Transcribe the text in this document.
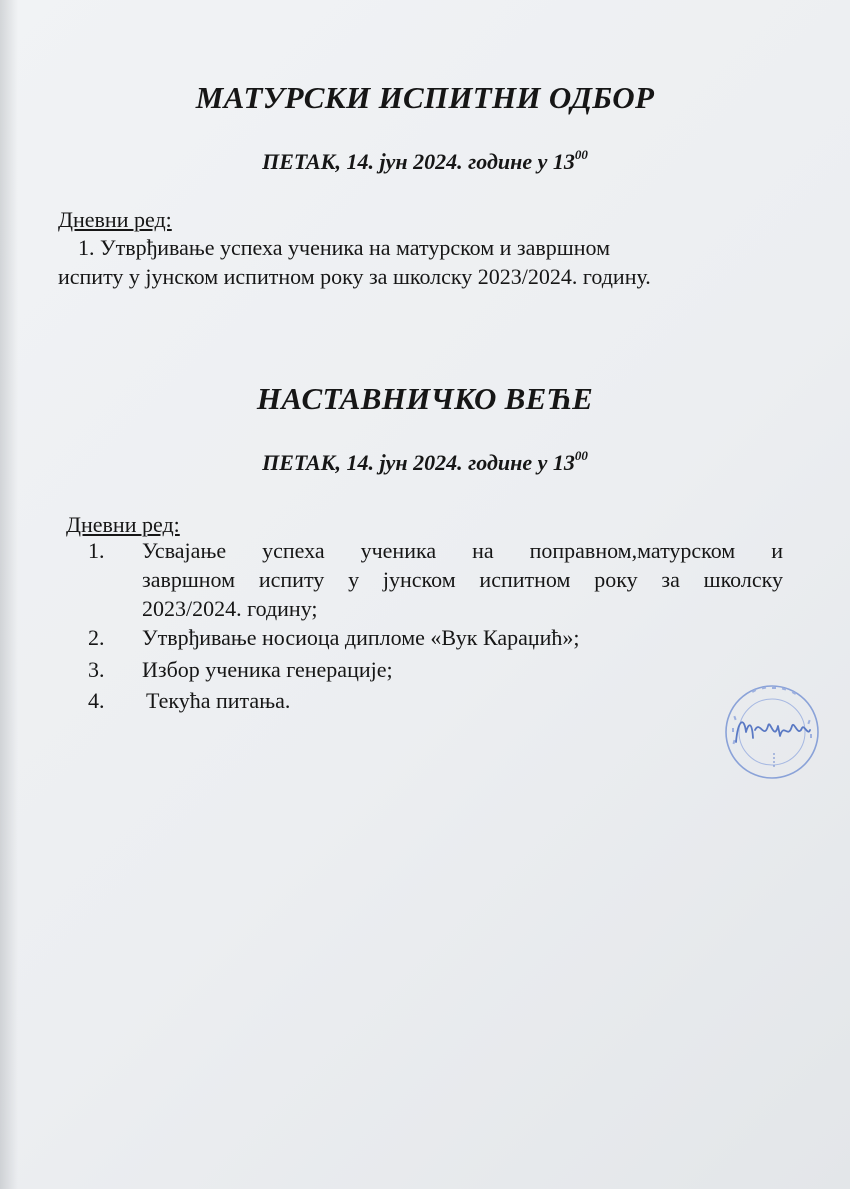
МАТУРСКИ ИСПИТНИ ОДБОР
ПЕТАК, 14. јун 2024. године у $13^{00}$
Дневни ред:
1. Утврђивање успеха ученика на матурском и завршном
испиту у јунском испитном року за школску 2023/2024. годину.
НАСТАВНИЧКО ВЕЋЕ
ПЕТАК, 14. јун 2024. године у $13^{00}$
Дневни ред:
1. Усвајање успеха ученика на поправном,матурском и
завршном испиту у јунском испитном року за школску
2023/2024. годину;
2. Утврђивање носиоца дипломе «Вук Караџић»;
3. Избор ученика генерације;
4. Текућа питања.
